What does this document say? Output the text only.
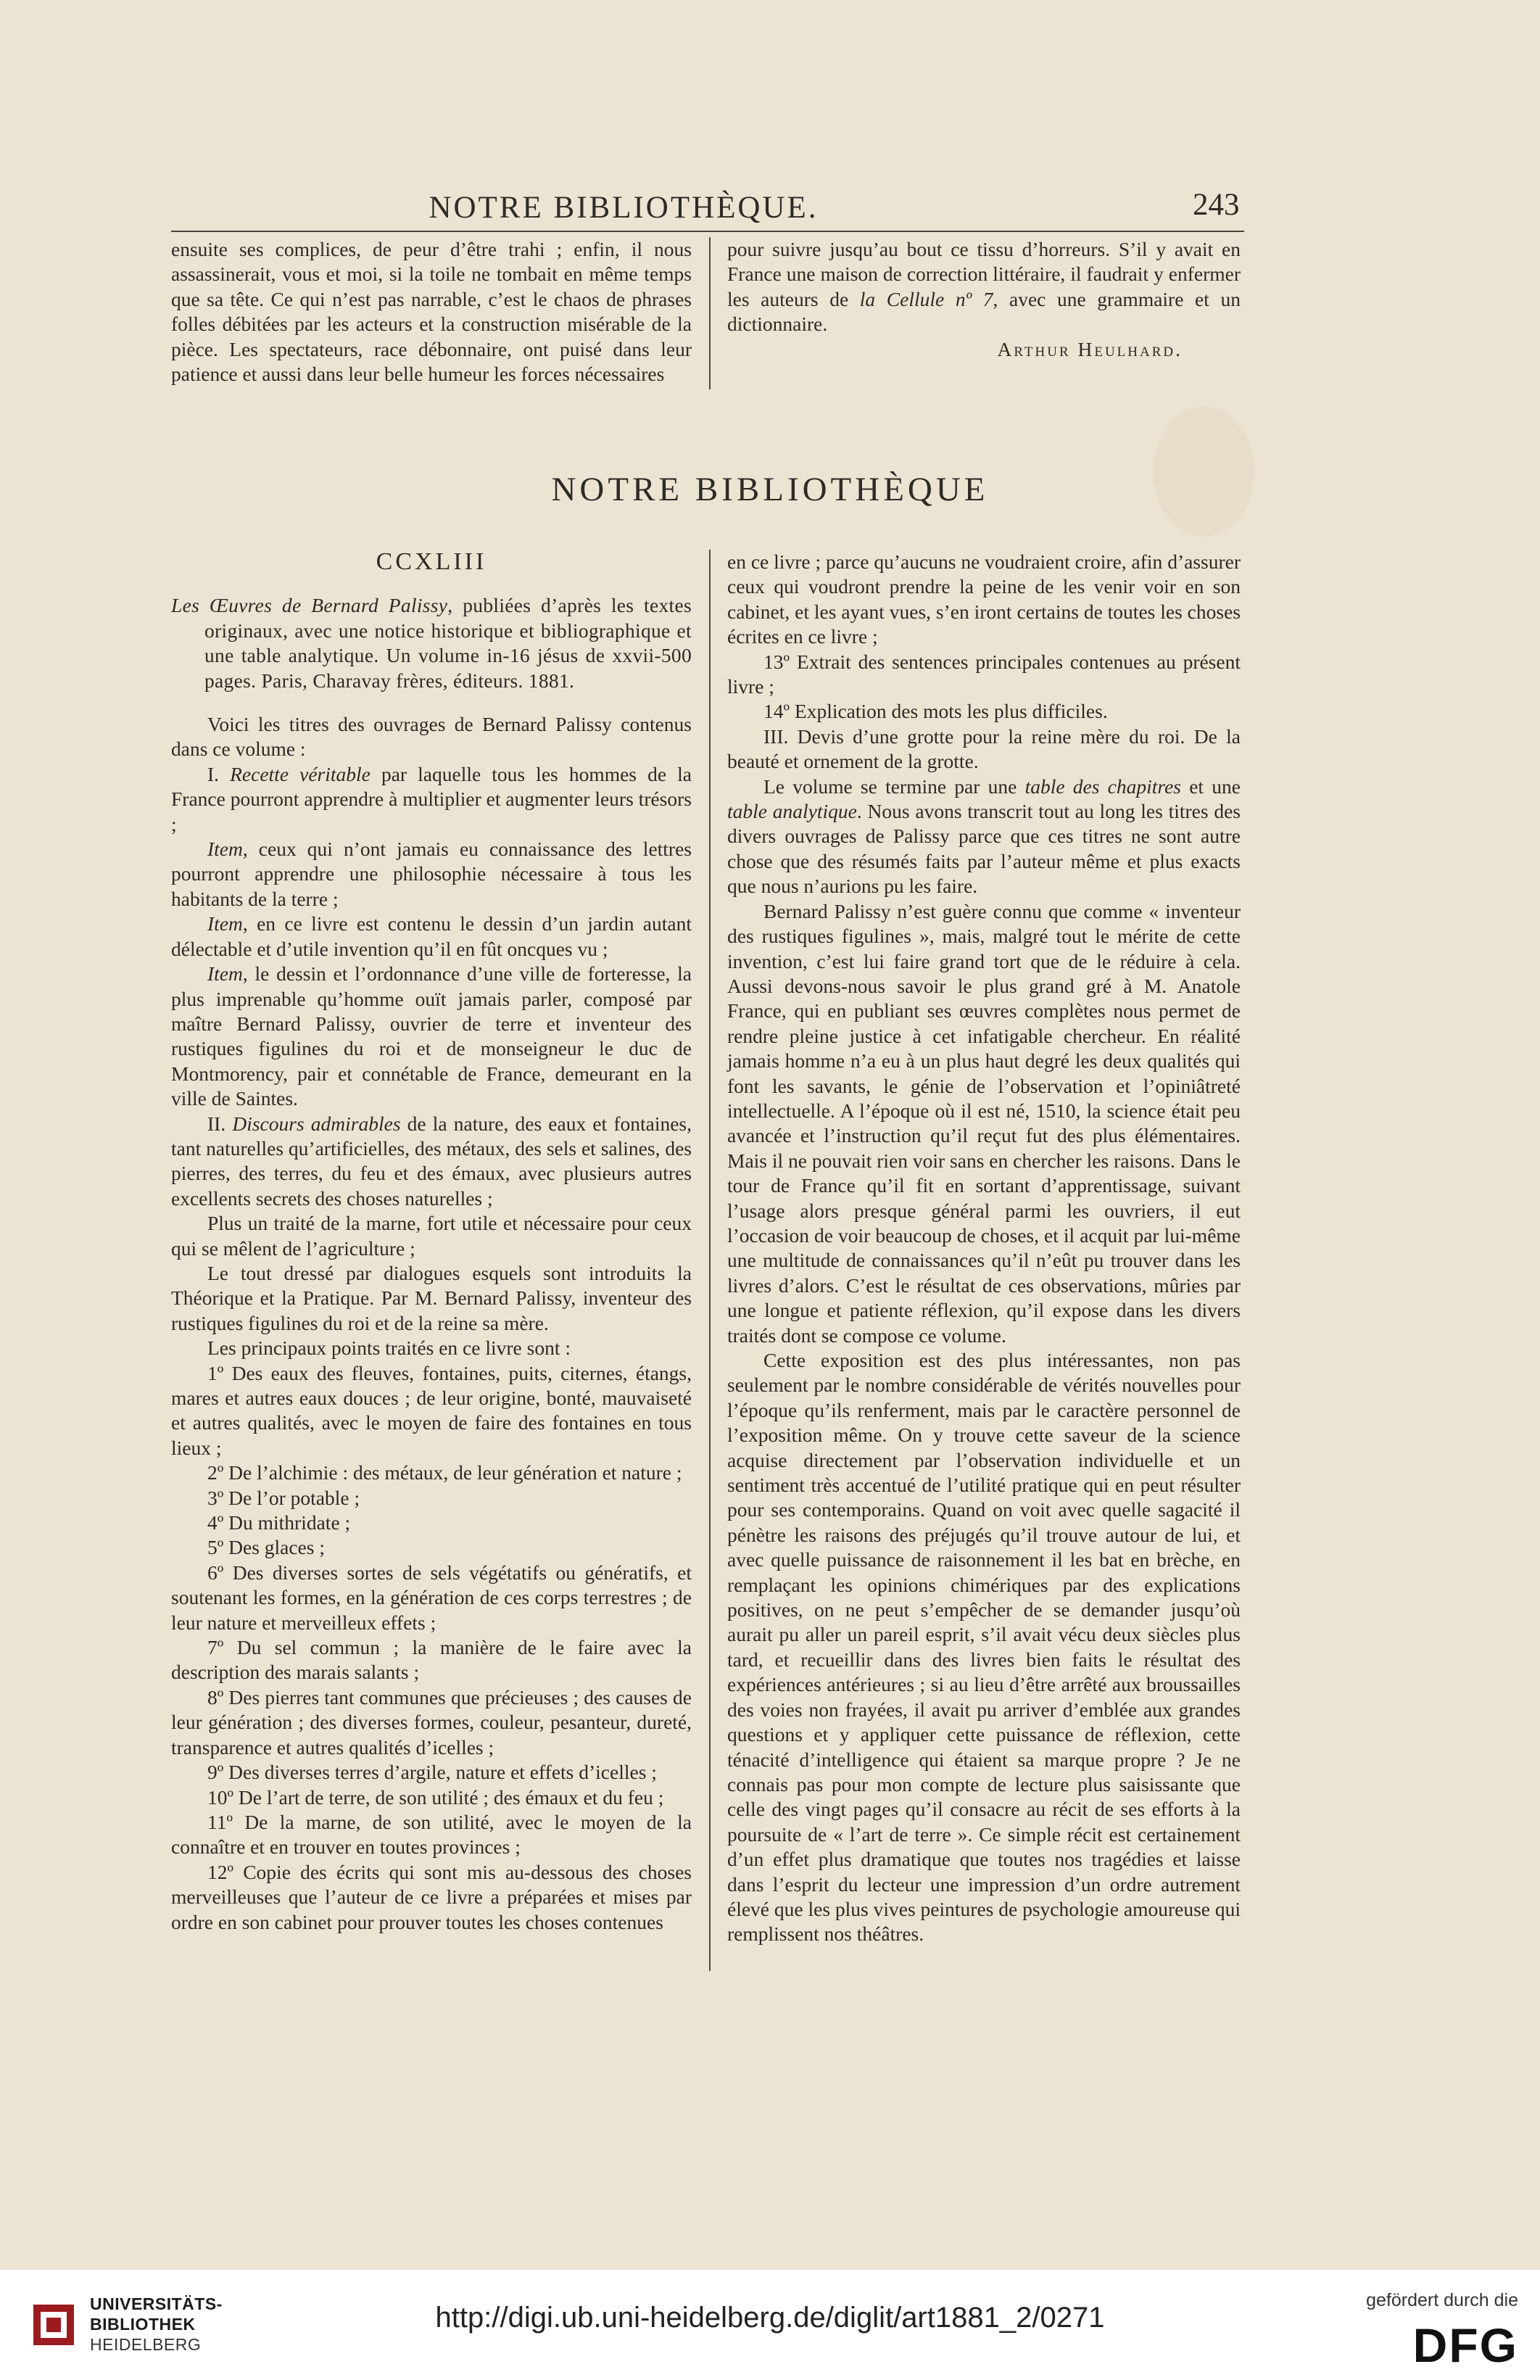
NOTRE BIBLIOTHÈQUE.	243

ensuite ses complices, de peur d’être trahi ; enfin, il nous assassinerait, vous et moi, si la toile ne tombait en même temps que sa tête. Ce qui n’est pas narrable, c’est le chaos de phrases folles débitées par les acteurs et la construction misérable de la pièce. Les spectateurs, race débonnaire, ont puisé dans leur patience et aussi dans leur belle humeur les forces nécessaires

pour suivre jusqu’au bout ce tissu d’horreurs. S’il y avait en France une maison de correction littéraire, il faudrait y enfermer les auteurs de la Cellule nº 7, avec une grammaire et un dictionnaire.

Arthur Heulhard.

NOTRE BIBLIOTHÈQUE

CCXLIII

Les Œuvres de Bernard Palissy, publiées d’après les textes originaux, avec une notice historique et bibliographique et une table analytique. Un volume in-16 jésus de xxvii-500 pages. Paris, Charavay frères, éditeurs. 1881.

Voici les titres des ouvrages de Bernard Palissy contenus dans ce volume :

I. Recette véritable par laquelle tous les hommes de la France pourront apprendre à multiplier et augmenter leurs trésors ;

Item, ceux qui n’ont jamais eu connaissance des lettres pourront apprendre une philosophie nécessaire à tous les habitants de la terre ;

Item, en ce livre est contenu le dessin d’un jardin autant délectable et d’utile invention qu’il en fût oncques vu ;

Item, le dessin et l’ordonnance d’une ville de forteresse, la plus imprenable qu’homme ouït jamais parler, composé par maître Bernard Palissy, ouvrier de terre et inventeur des rustiques figulines du roi et de monseigneur le duc de Montmorency, pair et connétable de France, demeurant en la ville de Saintes.

II. Discours admirables de la nature, des eaux et fontaines, tant naturelles qu’artificielles, des métaux, des sels et salines, des pierres, des terres, du feu et des émaux, avec plusieurs autres excellents secrets des choses naturelles ;

Plus un traité de la marne, fort utile et nécessaire pour ceux qui se mêlent de l’agriculture ;

Le tout dressé par dialogues esquels sont introduits la Théorique et la Pratique. Par M. Bernard Palissy, inventeur des rustiques figulines du roi et de la reine sa mère.

Les principaux points traités en ce livre sont :

1º Des eaux des fleuves, fontaines, puits, citernes, étangs, mares et autres eaux douces ; de leur origine, bonté, mauvaiseté et autres qualités, avec le moyen de faire des fontaines en tous lieux ;

2º De l’alchimie : des métaux, de leur génération et nature ;

3º De l’or potable ;

4º Du mithridate ;

5º Des glaces ;

6º Des diverses sortes de sels végétatifs ou génératifs, et soutenant les formes, en la génération de ces corps terrestres ; de leur nature et merveilleux effets ;

7º Du sel commun ; la manière de le faire avec la description des marais salants ;

8º Des pierres tant communes que précieuses ; des causes de leur génération ; des diverses formes, couleur, pesanteur, dureté, transparence et autres qualités d’icelles ;

9º Des diverses terres d’argile, nature et effets d’icelles ;

10º De l’art de terre, de son utilité ; des émaux et du feu ;

11º De la marne, de son utilité, avec le moyen de la connaître et en trouver en toutes provinces ;

12º Copie des écrits qui sont mis au-dessous des choses merveilleuses que l’auteur de ce livre a préparées et mises par ordre en son cabinet pour prouver toutes les choses contenues

en ce livre ; parce qu’aucuns ne voudraient croire, afin d’assurer ceux qui voudront prendre la peine de les venir voir en son cabinet, et les ayant vues, s’en iront certains de toutes les choses écrites en ce livre ;

13º Extrait des sentences principales contenues au présent livre ;

14º Explication des mots les plus difficiles.

III. Devis d’une grotte pour la reine mère du roi. De la beauté et ornement de la grotte.

Le volume se termine par une table des chapitres et une table analytique. Nous avons transcrit tout au long les titres des divers ouvrages de Palissy parce que ces titres ne sont autre chose que des résumés faits par l’auteur même et plus exacts que nous n’aurions pu les faire.

Bernard Palissy n’est guère connu que comme « inventeur des rustiques figulines », mais, malgré tout le mérite de cette invention, c’est lui faire grand tort que de le réduire à cela. Aussi devons-nous savoir le plus grand gré à M. Anatole France, qui en publiant ses œuvres complètes nous permet de rendre pleine justice à cet infatigable chercheur. En réalité jamais homme n’a eu à un plus haut degré les deux qualités qui font les savants, le génie de l’observation et l’opiniâtreté intellectuelle. A l’époque où il est né, 1510, la science était peu avancée et l’instruction qu’il reçut fut des plus élémentaires. Mais il ne pouvait rien voir sans en chercher les raisons. Dans le tour de France qu’il fit en sortant d’apprentissage, suivant l’usage alors presque général parmi les ouvriers, il eut l’occasion de voir beaucoup de choses, et il acquit par lui-même une multitude de connaissances qu’il n’eût pu trouver dans les livres d’alors. C’est le résultat de ces observations, mûries par une longue et patiente réflexion, qu’il expose dans les divers traités dont se compose ce volume.

Cette exposition est des plus intéressantes, non pas seulement par le nombre considérable de vérités nouvelles pour l’époque qu’ils renferment, mais par le caractère personnel de l’exposition même. On y trouve cette saveur de la science acquise directement par l’observation individuelle et un sentiment très accentué de l’utilité pratique qui en peut résulter pour ses contemporains. Quand on voit avec quelle sagacité il pénètre les raisons des préjugés qu’il trouve autour de lui, et avec quelle puissance de raisonnement il les bat en brèche, en remplaçant les opinions chimériques par des explications positives, on ne peut s’empêcher de se demander jusqu’où aurait pu aller un pareil esprit, s’il avait vécu deux siècles plus tard, et recueillir dans des livres bien faits le résultat des expériences antérieures ; si au lieu d’être arrêté aux broussailles des voies non frayées, il avait pu arriver d’emblée aux grandes questions et y appliquer cette puissance de réflexion, cette ténacité d’intelligence qui étaient sa marque propre ? Je ne connais pas pour mon compte de lecture plus saisissante que celle des vingt pages qu’il consacre au récit de ses efforts à la poursuite de « l’art de terre ». Ce simple récit est certainement d’un effet plus dramatique que toutes nos tragédies et laisse dans l’esprit du lecteur une impression d’un ordre autrement élevé que les plus vives peintures de psychologie amoureuse qui remplissent nos théâtres.

UNIVERSITÄTS-
BIBLIOTHEK
HEIDELBERG
http://digi.ub.uni-heidelberg.de/diglit/art1881_2/0271
gefördert durch die
DFG
